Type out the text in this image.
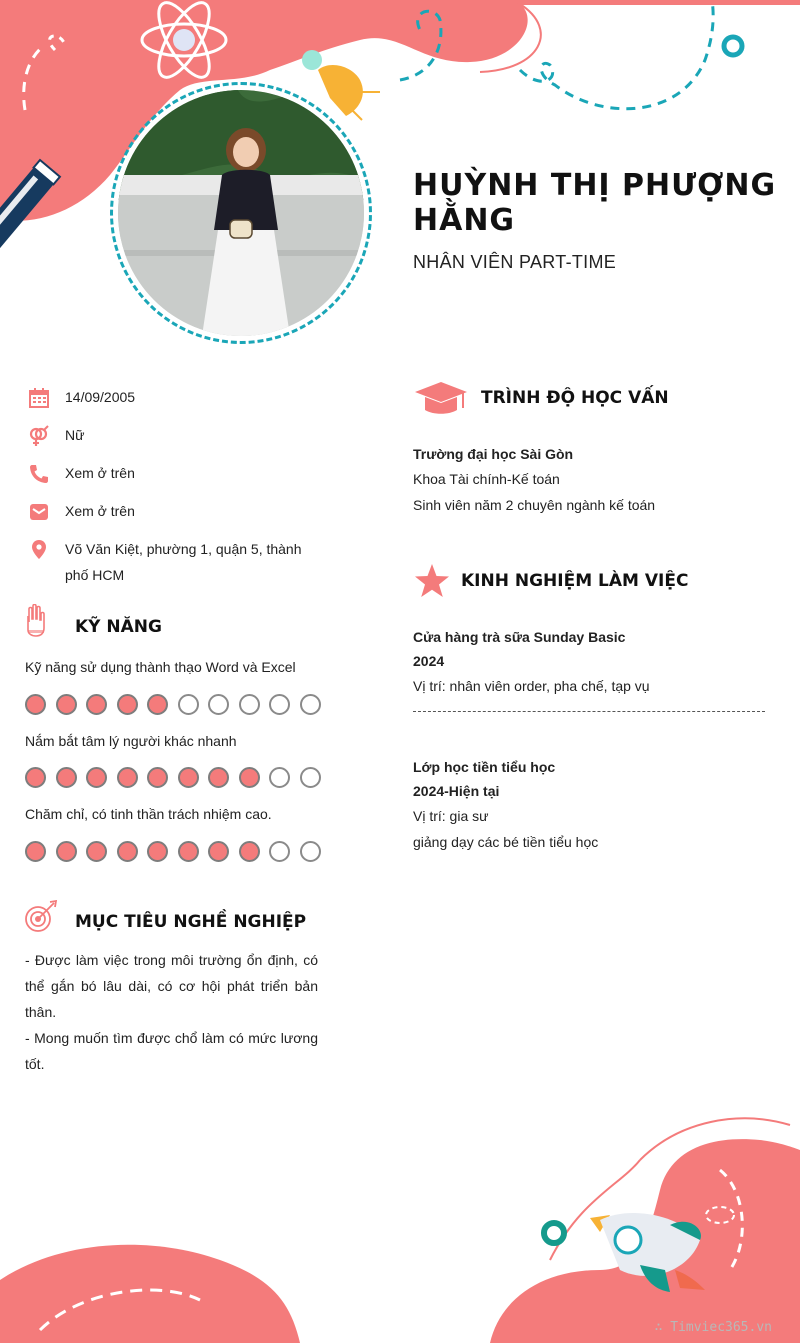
HUỲNH THỊ PHƯỢNG HẰNG
NHÂN VIÊN PART-TIME
14/09/2005
Nữ
Xem ở trên
Xem ở trên
Võ Văn Kiệt, phường 1, quận 5, thành phố HCM
KỸ NĂNG
Kỹ năng sử dụng thành thạo Word và Excel
Nắm bắt tâm lý người khác nhanh
Chăm chỉ, có tinh thần trách nhiệm cao.
MỤC TIÊU NGHỀ NGHIỆP
- Được làm việc trong môi trường ổn định, có thể gắn bó lâu dài, có cơ hội phát triển bản thân.
- Mong muốn tìm được chổ làm có mức lương tốt.
TRÌNH ĐỘ HỌC VẤN
Trường đại học Sài Gòn
Khoa Tài chính-Kế toán
Sinh viên năm 2 chuyên ngành kế toán
KINH NGHIỆM LÀM VIỆC
Cửa hàng trà sữa Sunday Basic
2024
Vị trí: nhân viên order, pha chế, tạp vụ
Lớp học tiền tiểu học
2024-Hiện tại
Vị trí: gia sư
giảng dạy các bé tiền tiểu học
∴ Timviec365.vn
